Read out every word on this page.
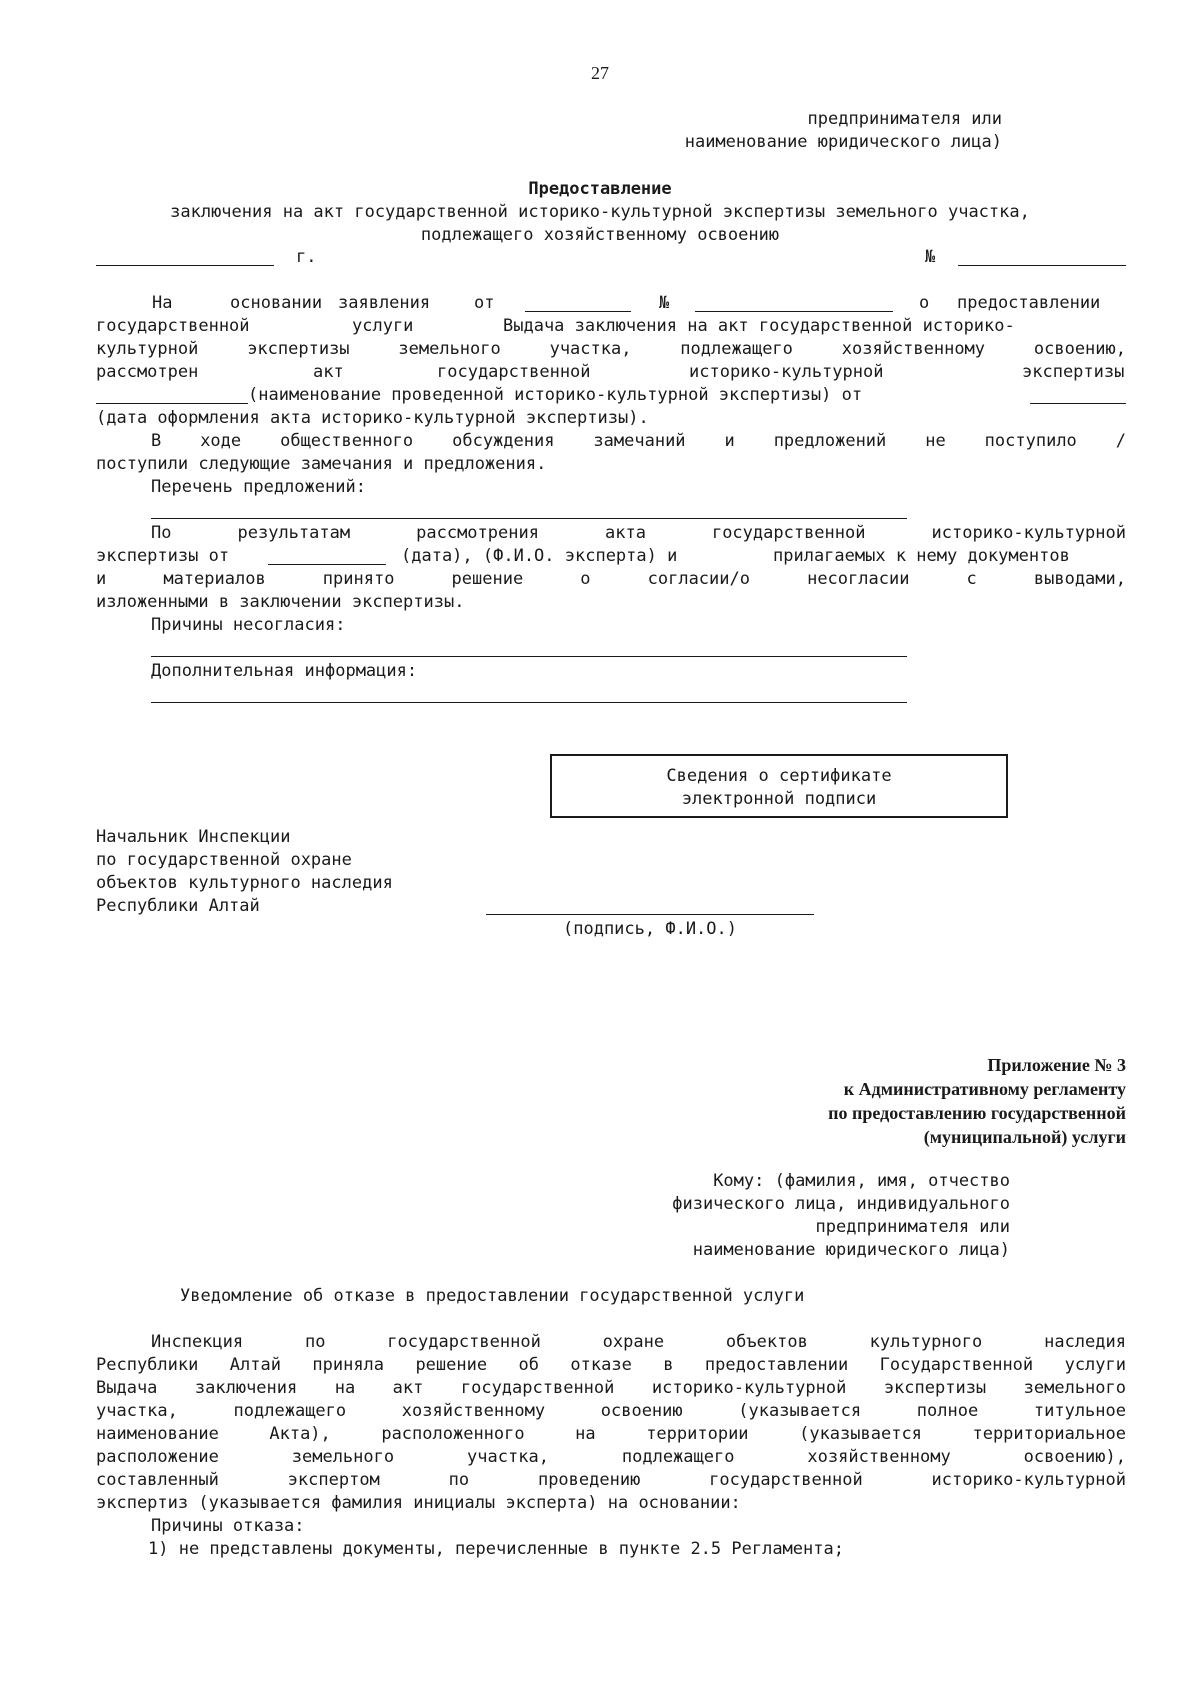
27
предпринимателя или
наименование юридического лица)
Предоставление
заключения на акт государственной историко-культурной экспертизы земельного участка,
подлежащего хозяйственному освоению
г.	№
На	основании заявления	от	№	о предоставлении
государственной	услуги	Выдача заключения на акт государственной историко-
культурной экспертизы земельного участка, подлежащего хозяйственному освоению,
рассмотрен	акт	государственной	историко-культурной	экспертизы
(наименование проведенной историко-культурной экспертизы) от
(дата оформления акта историко-культурной экспертизы).
В ходе общественного обсуждения замечаний и предложений не поступило /
поступили следующие замечания и предложения.
Перечень предложений:
По результатам рассмотрения акта государственной историко-культурной
экспертизы от	(дата), (Ф.И.О. эксперта) и	прилагаемых к нему документов
и материалов принято решение о согласии/о несогласии с выводами,
изложенными в заключении экспертизы.
Причины несогласия:
Дополнительная информация:
Сведения о сертификате
электронной подписи
Начальник Инспекции
по государственной охране
объектов культурного наследия
Республики Алтай
(подпись, Ф.И.О.)
Приложение № 3
к Административному регламенту
по предоставлению государственной
(муниципальной) услуги
Кому: (фамилия, имя, отчество
физического лица, индивидуального
предпринимателя или
наименование юридического лица)
Уведомление об отказе в предоставлении государственной услуги
Инспекция по государственной охране объектов культурного наследия
Республики Алтай приняла решение об отказе в предоставлении Государственной услуги
Выдача заключения на акт государственной историко-культурной экспертизы земельного
участка, подлежащего хозяйственному освоению (указывается полное титульное
наименование Акта), расположенного на территории (указывается территориальное
расположение земельного участка, подлежащего хозяйственному освоению),
составленный экспертом по проведению государственной историко-культурной
экспертиз (указывается фамилия инициалы эксперта) на основании:
Причины отказа:
1) не представлены документы, перечисленные в пункте 2.5 Регламента;
